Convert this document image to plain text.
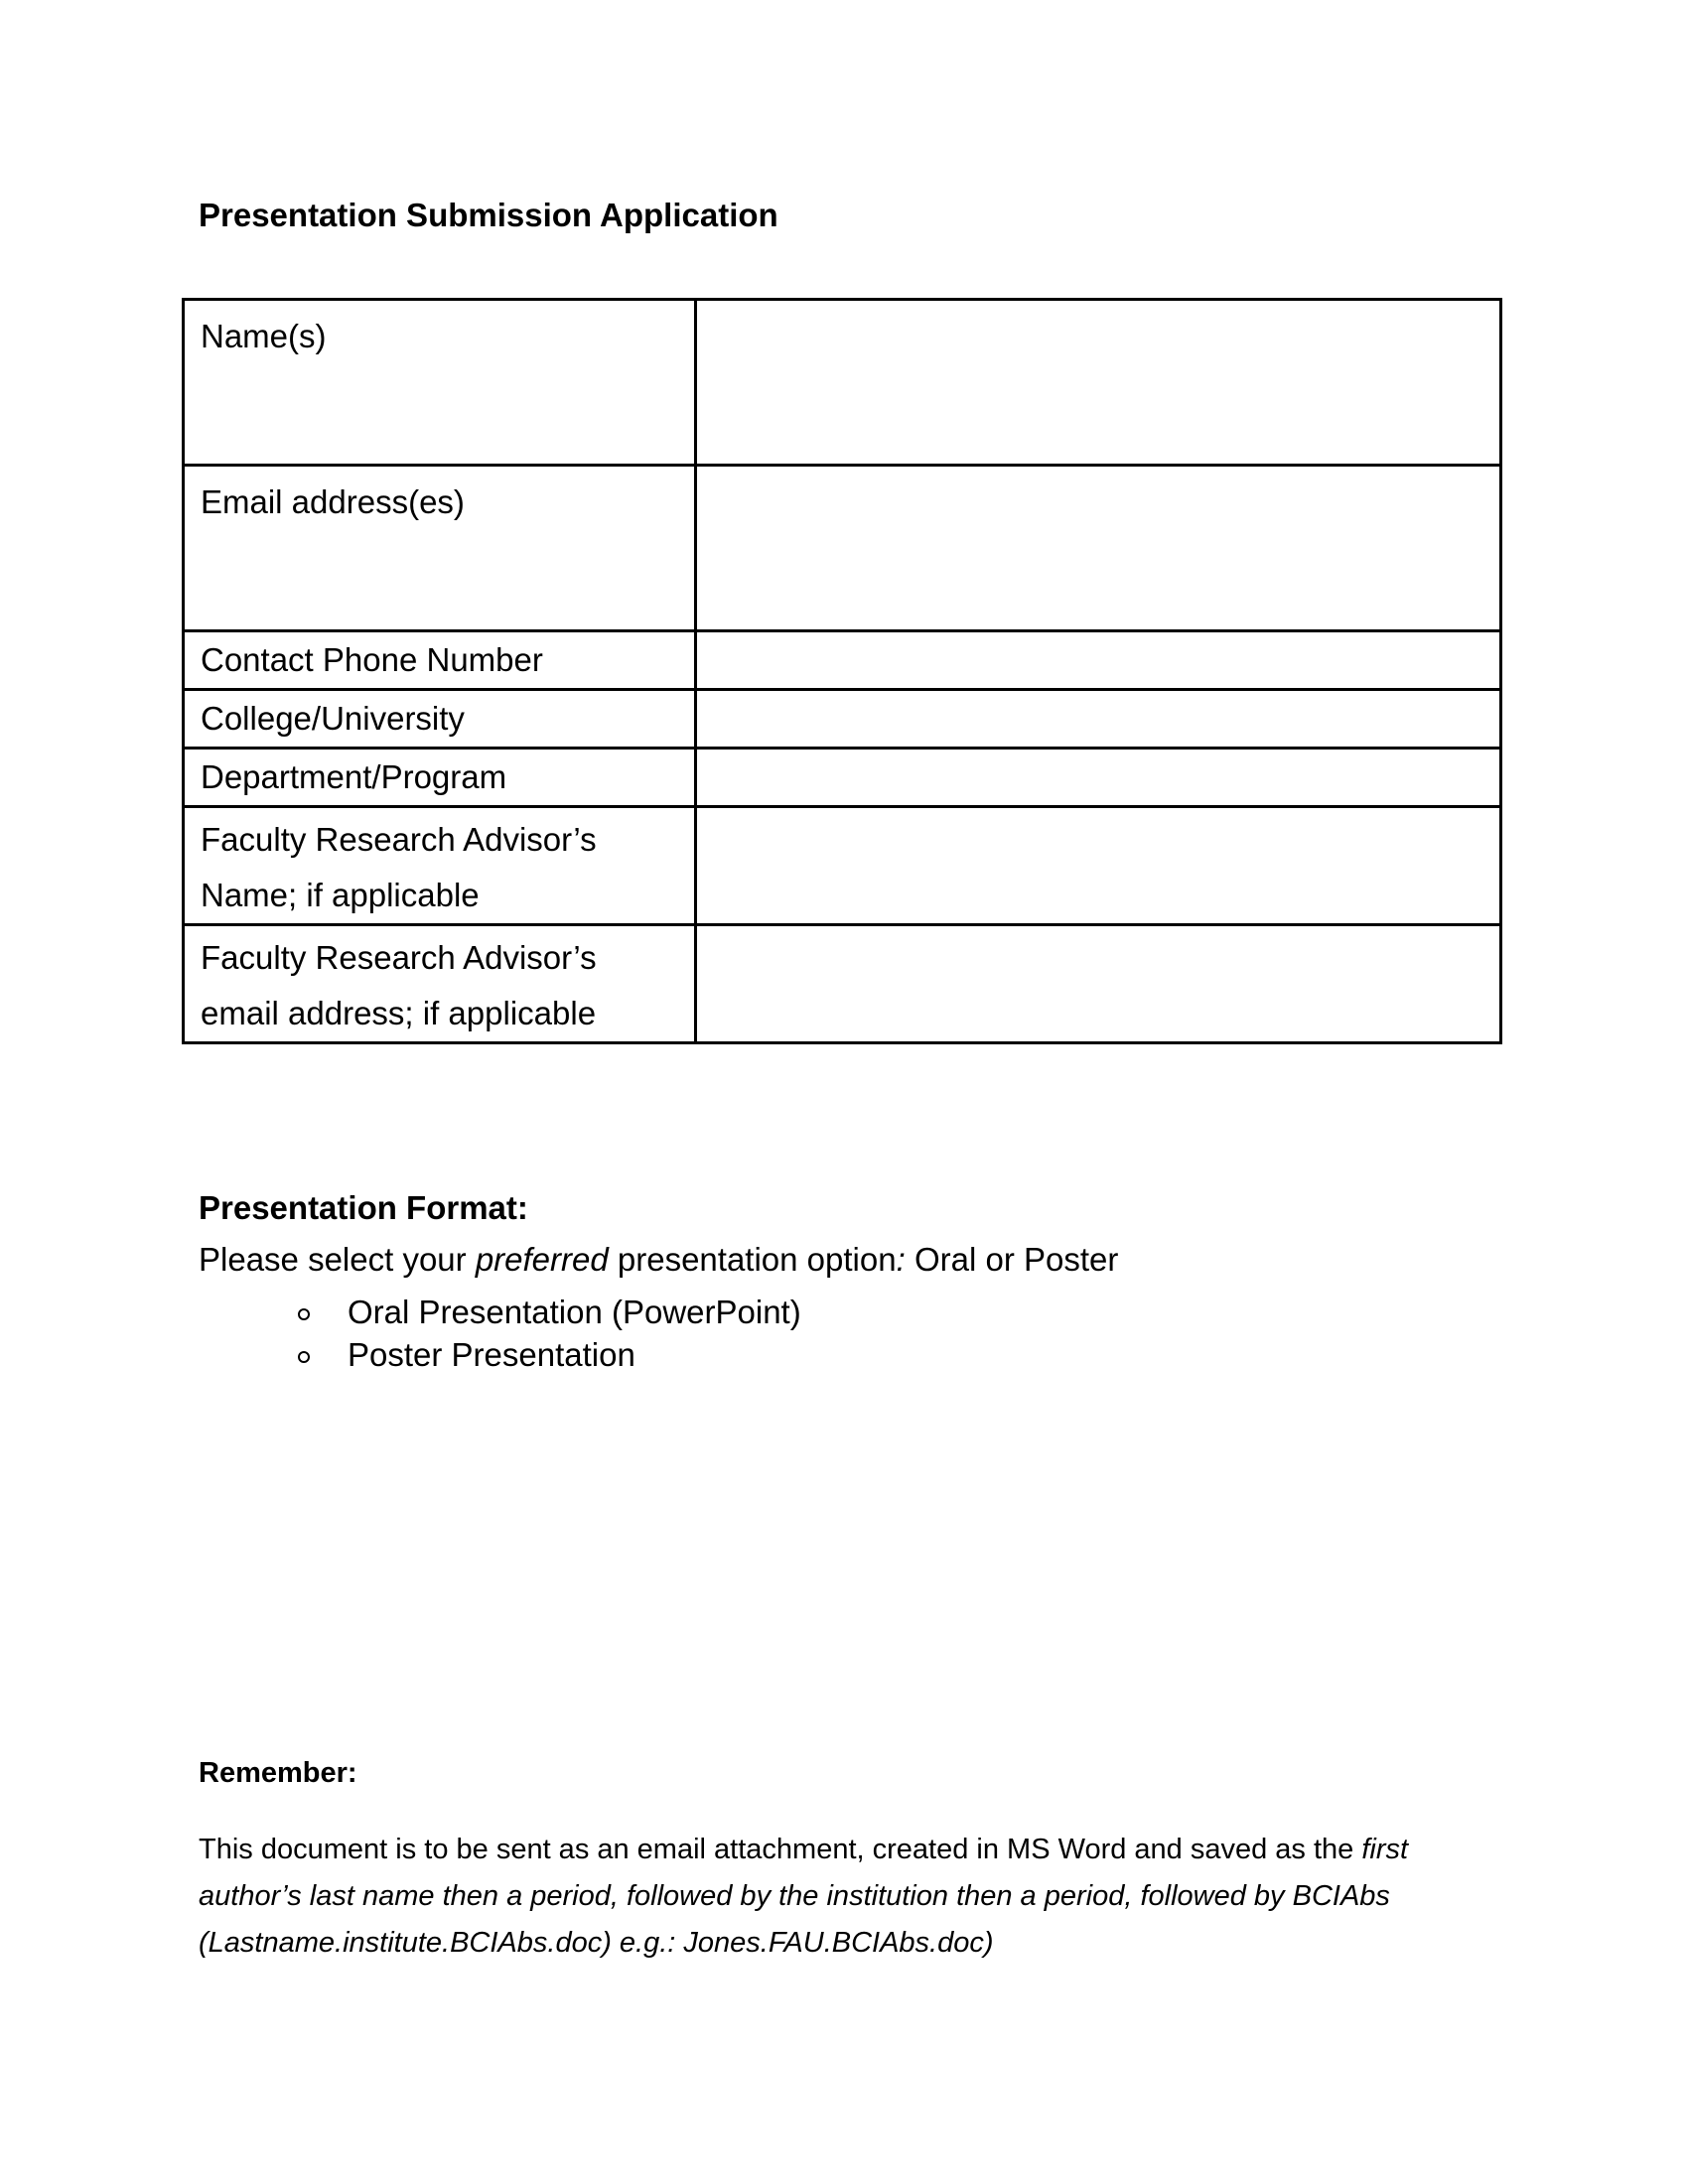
Presentation Submission Application
Name(s)	

Email address(es)	

Contact Phone Number	

College/University	

Department/Program	

Faculty Research Advisor’s Name; if applicable	

Faculty Research Advisor’s email address; if applicable	
Presentation Format:
Please select your preferred presentation option: Oral or Poster
Oral Presentation (PowerPoint)
Poster Presentation
Remember:
This document is to be sent as an email attachment, created in MS Word and saved as the first author’s last name then a period, followed by the institution then a period, followed by BCIAbs (Lastname.institute.BCIAbs.doc) e.g.: Jones.FAU.BCIAbs.doc)
